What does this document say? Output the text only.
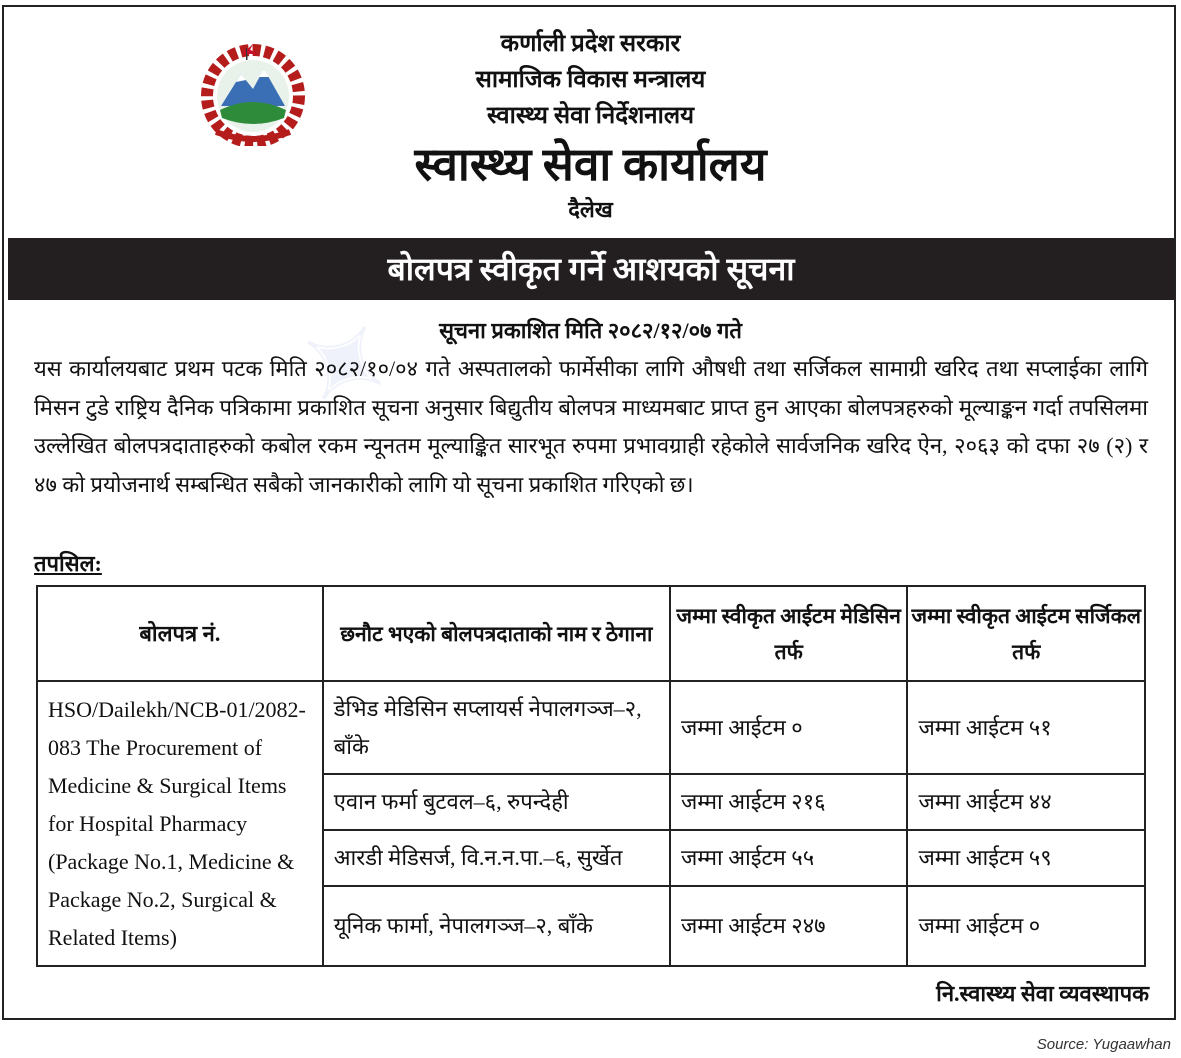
✦
कर्णाली प्रदेश सरकार
सामाजिक विकास मन्त्रालय
स्वास्थ्य सेवा निर्देशनालय
स्वास्थ्य सेवा कार्यालय
दैलेख
बोलपत्र स्वीकृत गर्ने आशयको सूचना
सूचना प्रकाशित मिति २०८२/१२/०७ गते
यस कार्यालयबाट प्रथम पटक मिति २०८२/१०/०४ गते अस्पतालको फार्मेसीका लागि औषधी तथा सर्जिकल सामाग्री खरिद तथा सप्लाईका लागि मिसन टुडे राष्ट्रिय दैनिक पत्रिकामा प्रकाशित सूचना अनुसार बिद्युतीय बोलपत्र माध्यमबाट प्राप्त हुन आएका बोलपत्रहरुको मूल्याङ्कन गर्दा तपसिलमा उल्लेखित बोलपत्रदाताहरुको कबोल रकम न्यूनतम मूल्याङ्कित सारभूत रुपमा प्रभावग्राही रहेकोले सार्वजनिक खरिद ऐन, २०६३ को दफा २७ (२) र ४७ को प्रयोजनार्थ सम्बन्धित सबैको जानकारीको लागि यो सूचना प्रकाशित गरिएको छ।
तपसिल:
बोलपत्र नं.	छनौट भएको बोलपत्रदाताको नाम र ठेगाना	जम्मा स्वीकृत आईटम मेडिसिन तर्फ	जम्मा स्वीकृत आईटम सर्जिकल तर्फ
HSO/Dailekh/NCB-01/2082-083 The Procurement of Medicine & Surgical Items for Hospital Pharmacy (Package No.1, Medicine & Package No.2, Surgical & Related Items)	डेभिड मेडिसिन सप्लायर्स नेपालगञ्ज–२, बाँके	जम्मा आईटम ०	जम्मा आईटम ५१
	एवान फर्मा बुटवल–६, रुपन्देही	जम्मा आईटम २१६	जम्मा आईटम ४४
	आरडी मेडिसर्ज, वि.न.न.पा.–६, सुर्खेत	जम्मा आईटम ५५	जम्मा आईटम ५९
	यूनिक फार्मा, नेपालगञ्ज–२, बाँके	जम्मा आईटम २४७	जम्मा आईटम ०
नि.स्वास्थ्य सेवा व्यवस्थापक
Source: Yugaawhan
